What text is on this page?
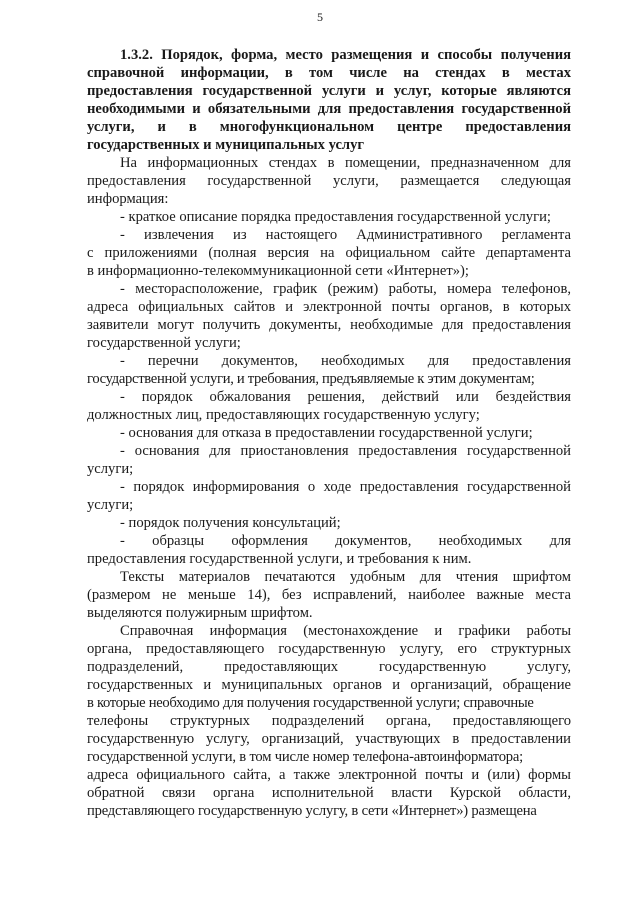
5
1.3.2. Порядок, форма, место размещения и способы получения
справочной информации, в том числе на стендах в местах
предоставления государственной услуги и услуг, которые являются
необходимыми и обязательными для предоставления государственной
услуги, и в многофункциональном центре предоставления
государственных и муниципальных услуг
На информационных стендах в помещении, предназначенном для
предоставления государственной услуги, размещается следующая
информация:
- краткое описание порядка предоставления государственной услуги;
- извлечения из настоящего Административного регламента
с приложениями (полная версия на официальном сайте департамента
в информационно-телекоммуникационной сети «Интернет»);
- месторасположение, график (режим) работы, номера телефонов,
адреса официальных сайтов и электронной почты органов, в которых
заявители могут получить документы, необходимые для предоставления
государственной услуги;
- перечни документов, необходимых для предоставления
государственной услуги, и требования, предъявляемые к этим документам;
- порядок обжалования решения, действий или бездействия
должностных лиц, предоставляющих государственную услугу;
- основания для отказа в предоставлении государственной услуги;
- основания для приостановления предоставления государственной
услуги;
- порядок информирования о ходе предоставления государственной
услуги;
- порядок получения консультаций;
- образцы оформления документов, необходимых для
предоставления государственной услуги, и требования к ним.
Тексты материалов печатаются удобным для чтения шрифтом
(размером не меньше 14), без исправлений, наиболее важные места
выделяются полужирным шрифтом.
Справочная информация (местонахождение и графики работы
органа, предоставляющего государственную услугу, его структурных
подразделений, предоставляющих государственную услугу,
государственных и муниципальных органов и организаций, обращение
в которые необходимо для получения государственной услуги; справочные
телефоны структурных подразделений органа, предоставляющего
государственную услугу, организаций, участвующих в предоставлении
государственной услуги, в том числе номер телефона-автоинформатора;
адреса официального сайта, а также электронной почты и (или) формы
обратной связи органа исполнительной власти Курской области,
представляющего государственную услугу, в сети «Интернет») размещена
